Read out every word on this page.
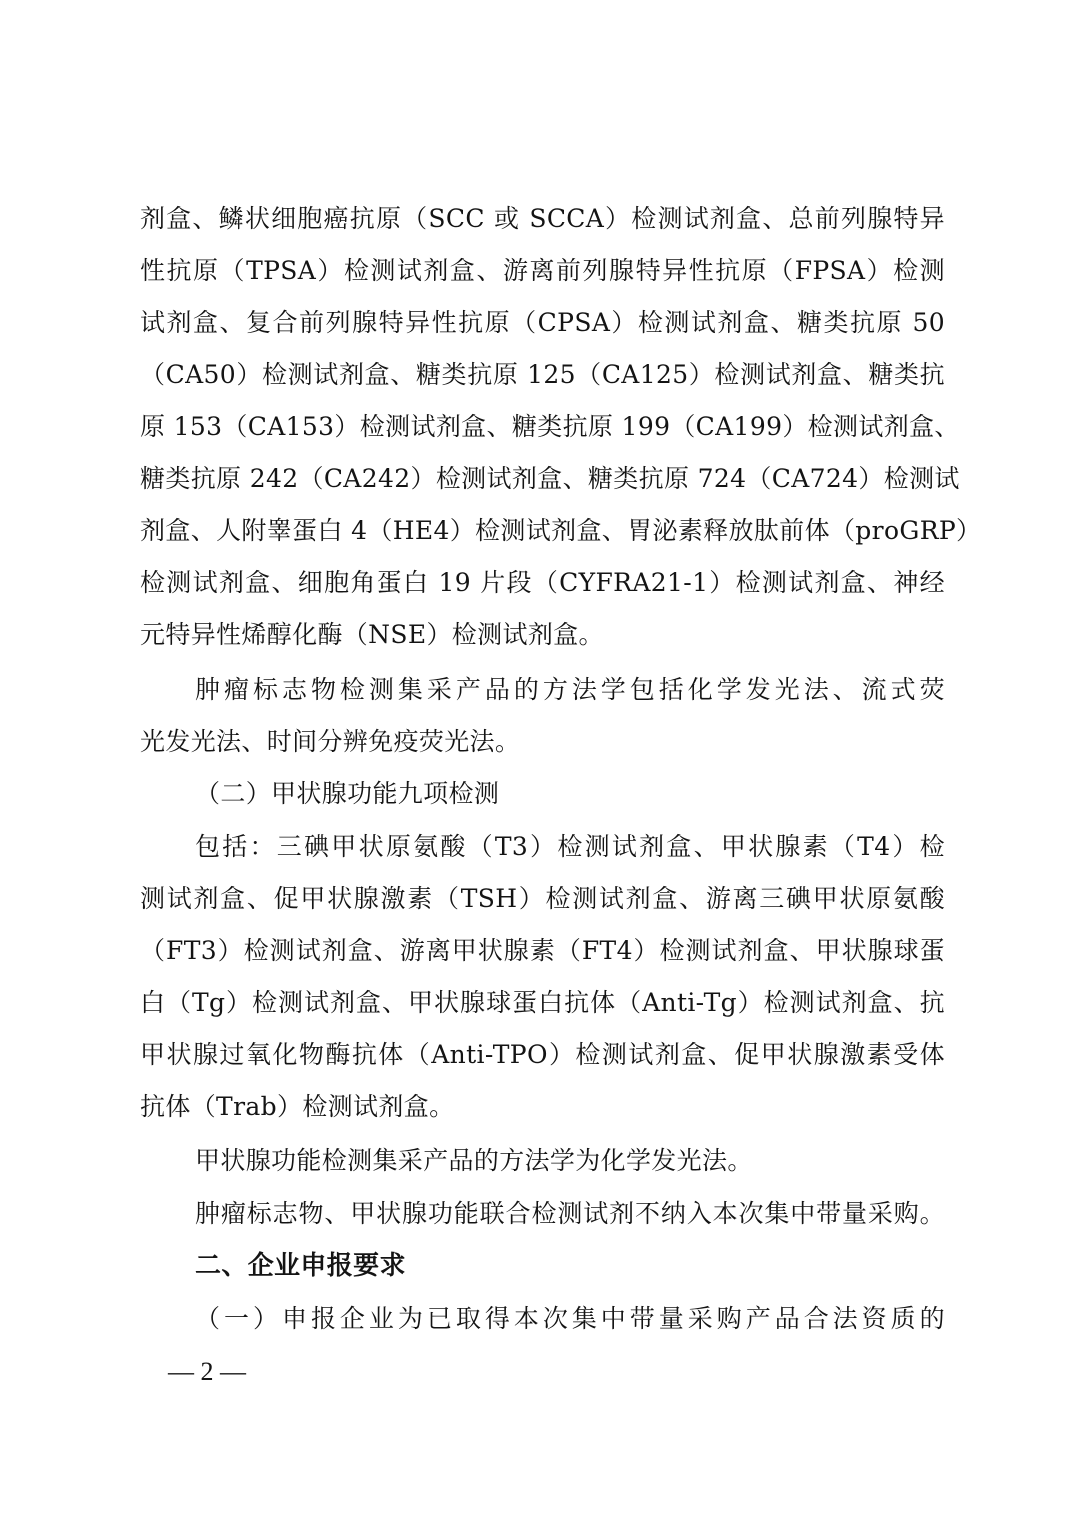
剂盒、鳞状细胞癌抗原（SCC 或 SCCA）检测试剂盒、总前列腺特异
性抗原（TPSA）检测试剂盒、游离前列腺特异性抗原（FPSA）检测
试剂盒、复合前列腺特异性抗原（CPSA）检测试剂盒、糖类抗原 50
（CA50）检测试剂盒、糖类抗原 125（CA125）检测试剂盒、糖类抗
原 153（CA153）检测试剂盒、糖类抗原 199（CA199）检测试剂盒、
糖类抗原 242（CA242）检测试剂盒、糖类抗原 724（CA724）检测试
剂盒、人附睾蛋白 4（HE4）检测试剂盒、胃泌素释放肽前体（proGRP）
检测试剂盒、细胞角蛋白 19 片段（CYFRA21-1）检测试剂盒、神经
元特异性烯醇化酶（NSE）检测试剂盒。
肿瘤标志物检测集采产品的方法学包括化学发光法、流式荧
光发光法、时间分辨免疫荧光法。
（二）甲状腺功能九项检测
包括：三碘甲状原氨酸（T3）检测试剂盒、甲状腺素（T4）检
测试剂盒、促甲状腺激素（TSH）检测试剂盒、游离三碘甲状原氨酸
（FT3）检测试剂盒、游离甲状腺素（FT4）检测试剂盒、甲状腺球蛋
白（Tg）检测试剂盒、甲状腺球蛋白抗体（Anti-Tg）检测试剂盒、抗
甲状腺过氧化物酶抗体（Anti-TPO）检测试剂盒、促甲状腺激素受体
抗体（Trab）检测试剂盒。
甲状腺功能检测集采产品的方法学为化学发光法。
肿瘤标志物、甲状腺功能联合检测试剂不纳入本次集中带量采购。
二、企业申报要求
（一）申报企业为已取得本次集中带量采购产品合法资质的
— 2 —
